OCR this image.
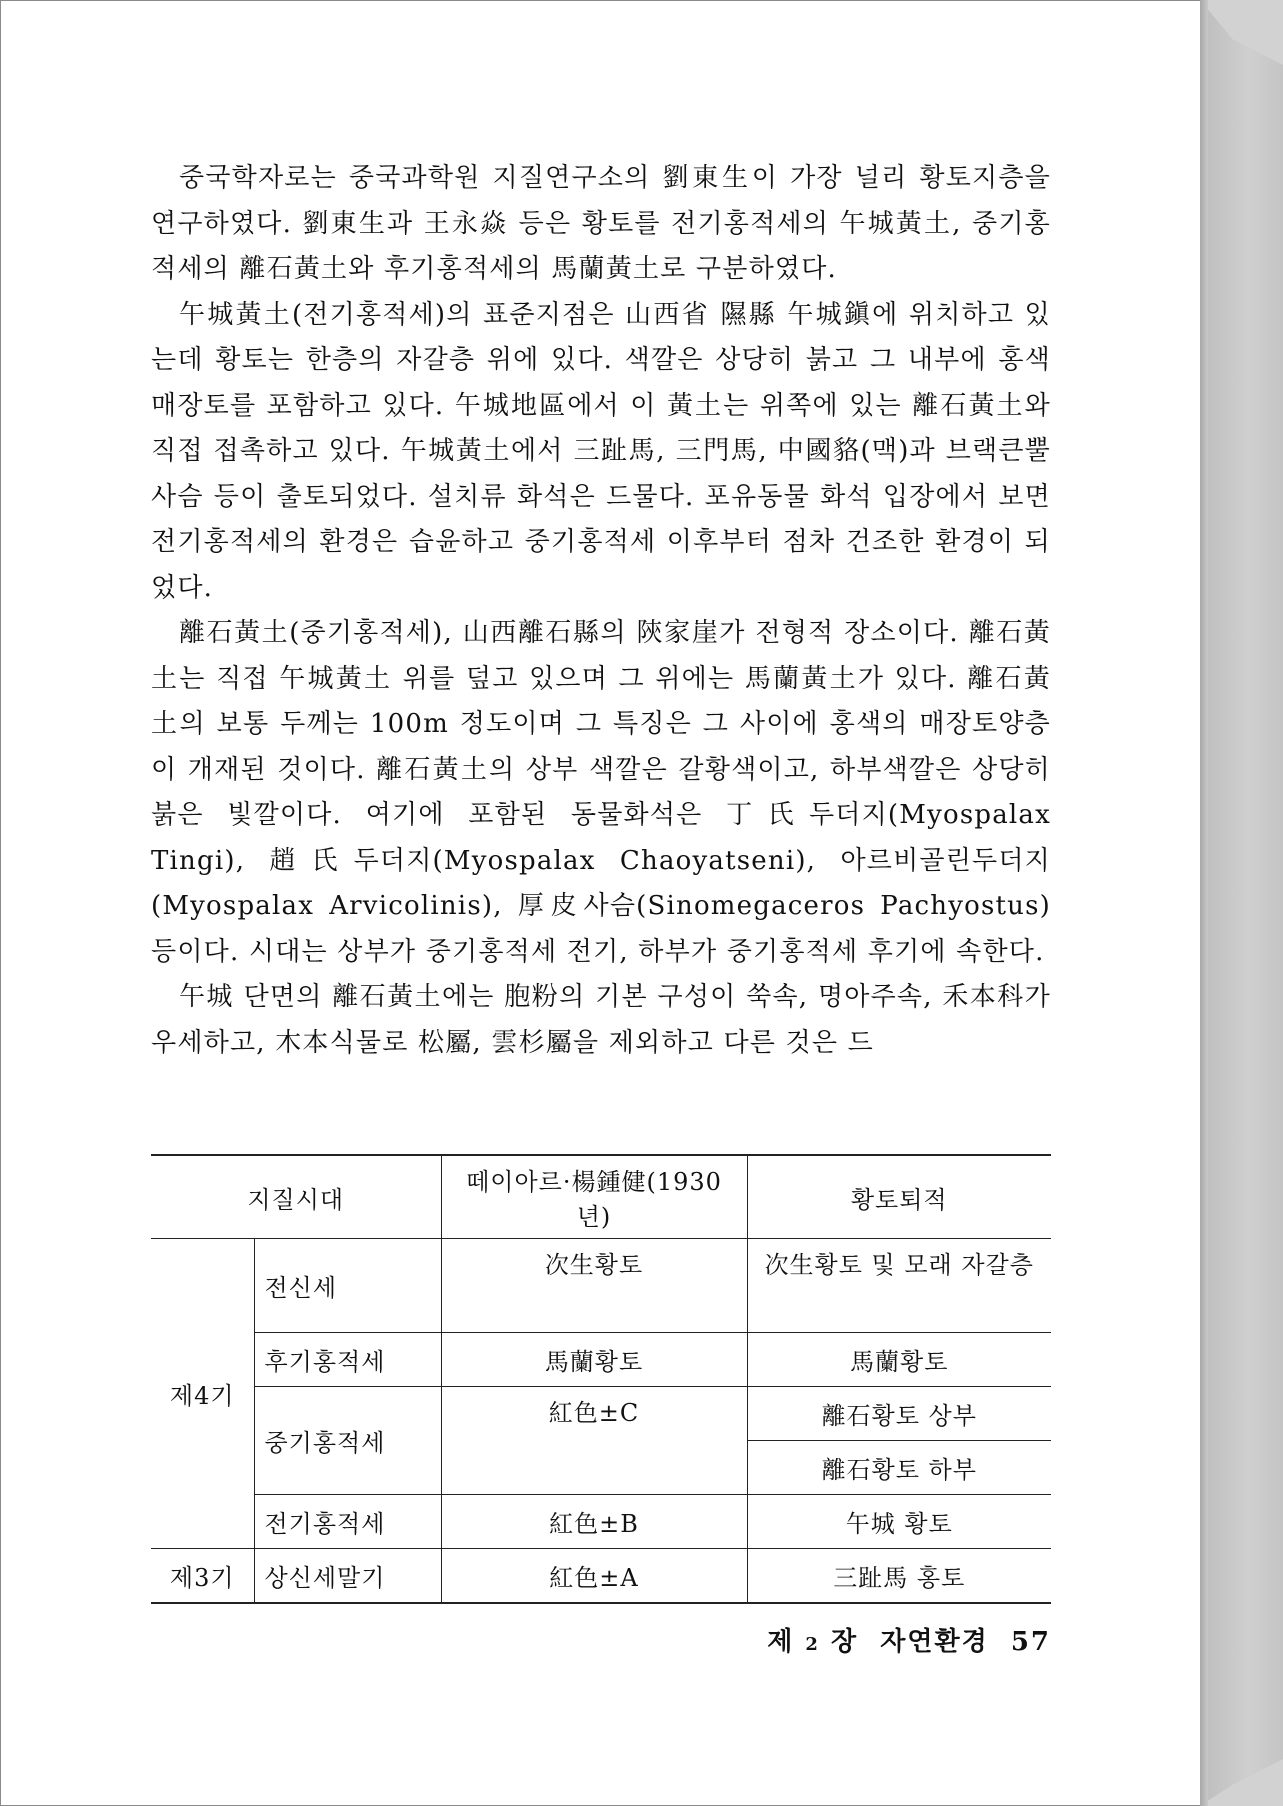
중국학자로는 중국과학원 지질연구소의 劉東生이 가장 널리 황토지층을 연구하였다. 劉東生과 王永焱 등은 황토를 전기홍적세의 午城黃土, 중기홍적세의 離石黃土와 후기홍적세의 馬蘭黃土로 구분하였다.

午城黃土(전기홍적세)의 표준지점은 山西省 隰縣 午城鎭에 위치하고 있는데 황토는 한층의 자갈층 위에 있다. 색깔은 상당히 붉고 그 내부에 홍색 매장토를 포함하고 있다. 午城地區에서 이 黃土는 위쪽에 있는 離石黃土와 직접 접촉하고 있다. 午城黃土에서 三趾馬, 三門馬, 中國貉(맥)과 브랙큰뿔사슴 등이 출토되었다. 설치류 화석은 드물다. 포유동물 화석 입장에서 보면 전기홍적세의 환경은 습윤하고 중기홍적세 이후부터 점차 건조한 환경이 되었다.

離石黃土(중기홍적세), 山西離石縣의 陝家崖가 전형적 장소이다. 離石黃土는 직접 午城黃土 위를 덮고 있으며 그 위에는 馬蘭黃土가 있다. 離石黃土의 보통 두께는 100m 정도이며 그 특징은 그 사이에 홍색의 매장토양층이 개재된 것이다. 離石黃土의 상부 색깔은 갈황색이고, 하부색깔은 상당히 붉은 빛깔이다. 여기에 포함된 동물화석은 丁氏두더지(Myospalax Tingi), 趙氏두더지(Myospalax Chaoyatseni), 아르비골린두더지(Myospalax Arvicolinis), 厚皮사슴(Sinomegaceros Pachyostus) 등이다. 시대는 상부가 중기홍적세 전기, 하부가 중기홍적세 후기에 속한다.

午城 단면의 離石黃土에는 胞粉의 기본 구성이 쑥속, 명아주속, 禾本科가 우세하고, 木本식물로 松屬, 雲杉屬을 제외하고 다른 것은 드

지질시대		떼이아르·楊鍾健(1930년)	황토퇴적
제4기	전신세	次生황토	次生황토 및 모래 자갈층
	후기홍적세	馬蘭황토	馬蘭황토
	중기홍적세	紅色±C	離石황토 상부
			離石황토 하부
	전기홍적세	紅色±B	午城 황토
제3기	상신세말기	紅色±A	三趾馬 홍토
제 2 장 자연환경 57
